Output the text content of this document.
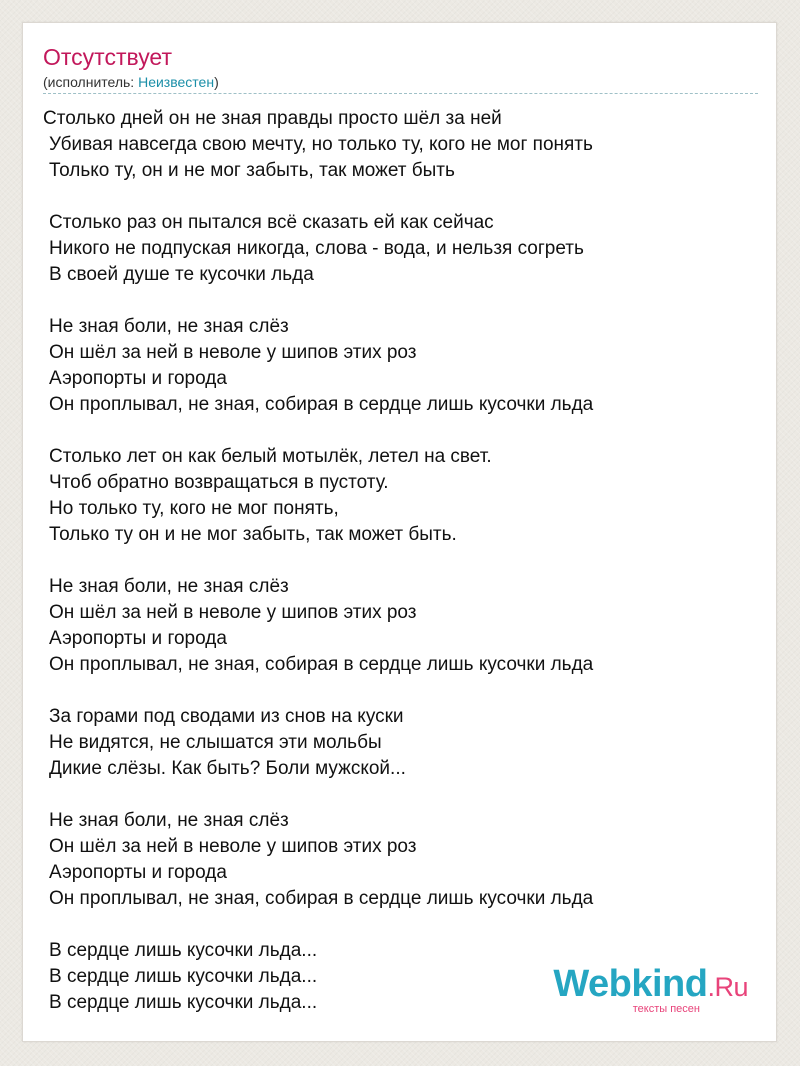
Отсутствует
(исполнитель: Неизвестен)
Столько дней он не зная правды просто шёл за ней
Убивая навсегда свою мечту, но только ту, кого не мог понять
Только ту, он и не мог забыть, так может быть
Столько раз он пытался всё сказать ей как сейчас
Никого не подпуская никогда, слова - вода, и нельзя согреть
В своей душе те кусочки льда
Не зная боли, не зная слёз
Он шёл за ней в неволе у шипов этих роз
Аэропорты и города
Он проплывал, не зная, собирая в сердце лишь кусочки льда
Столько лет он как белый мотылёк, летел на свет.
Чтоб обратно возвращаться в пустоту.
Но только ту, кого не мог понять,
Только ту он и не мог забыть, так может быть.
Не зная боли, не зная слёз
Он шёл за ней в неволе у шипов этих роз
Аэропорты и города
Он проплывал, не зная, собирая в сердце лишь кусочки льда
За горами под сводами из снов на куски
Не видятся, не слышатся эти мольбы
Дикие слёзы. Как быть? Боли мужской...
Не зная боли, не зная слёз
Он шёл за ней в неволе у шипов этих роз
Аэропорты и города
Он проплывал, не зная, собирая в сердце лишь кусочки льда
В сердце лишь кусочки льда...
В сердце лишь кусочки льда...
В сердце лишь кусочки льда...	Webkind.Ru
тексты песен
